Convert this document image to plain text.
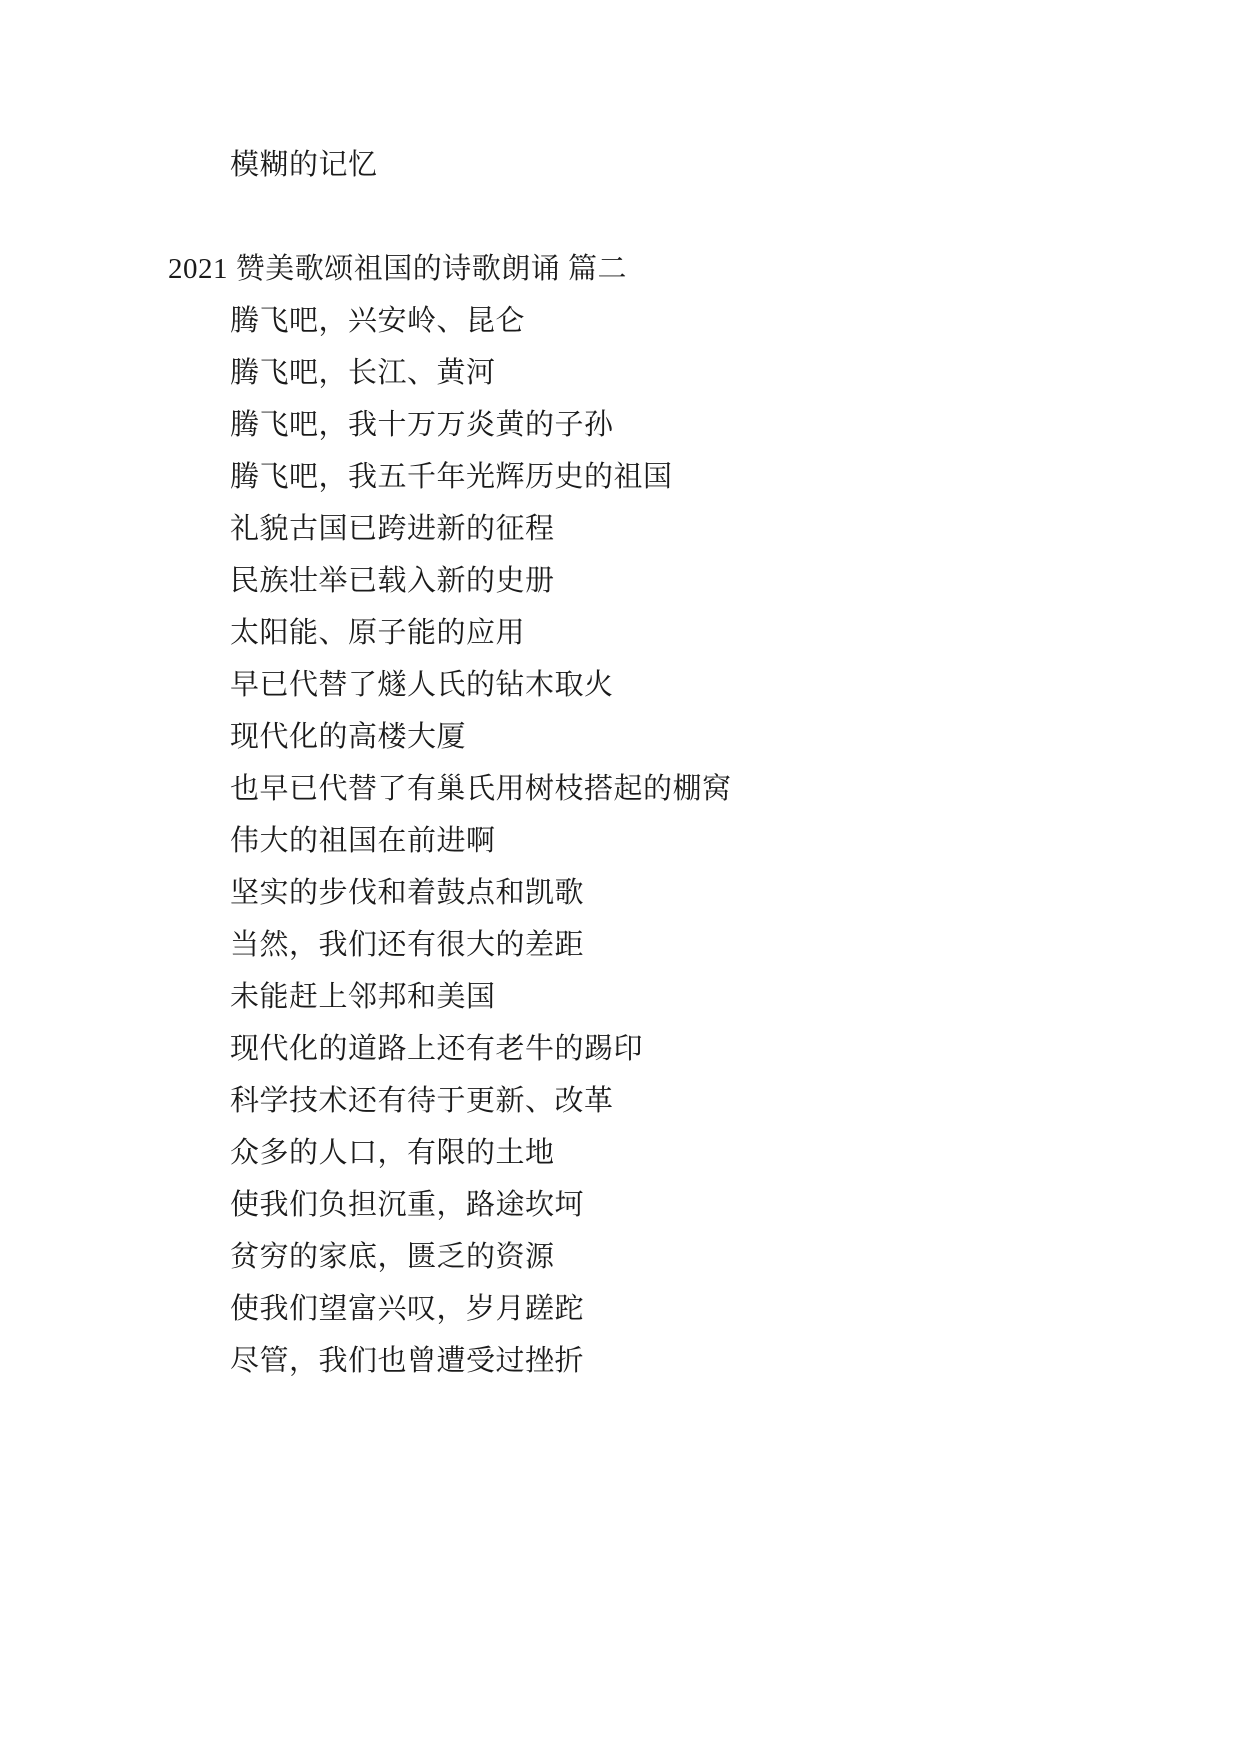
模糊的记忆

2021 赞美歌颂祖国的诗歌朗诵 篇二

腾飞吧，兴安岭、昆仑

腾飞吧，长江、黄河

腾飞吧，我十万万炎黄的子孙

腾飞吧，我五千年光辉历史的祖国

礼貌古国已跨进新的征程

民族壮举已载入新的史册

太阳能、原子能的应用

早已代替了燧人氏的钻木取火

现代化的高楼大厦

也早已代替了有巢氏用树枝搭起的棚窝

伟大的祖国在前进啊

坚实的步伐和着鼓点和凯歌

当然，我们还有很大的差距

未能赶上邻邦和美国

现代化的道路上还有老牛的踢印

科学技术还有待于更新、改革

众多的人口，有限的土地

使我们负担沉重，路途坎坷

贫穷的家底，匮乏的资源

使我们望富兴叹，岁月蹉跎

尽管，我们也曾遭受过挫折
